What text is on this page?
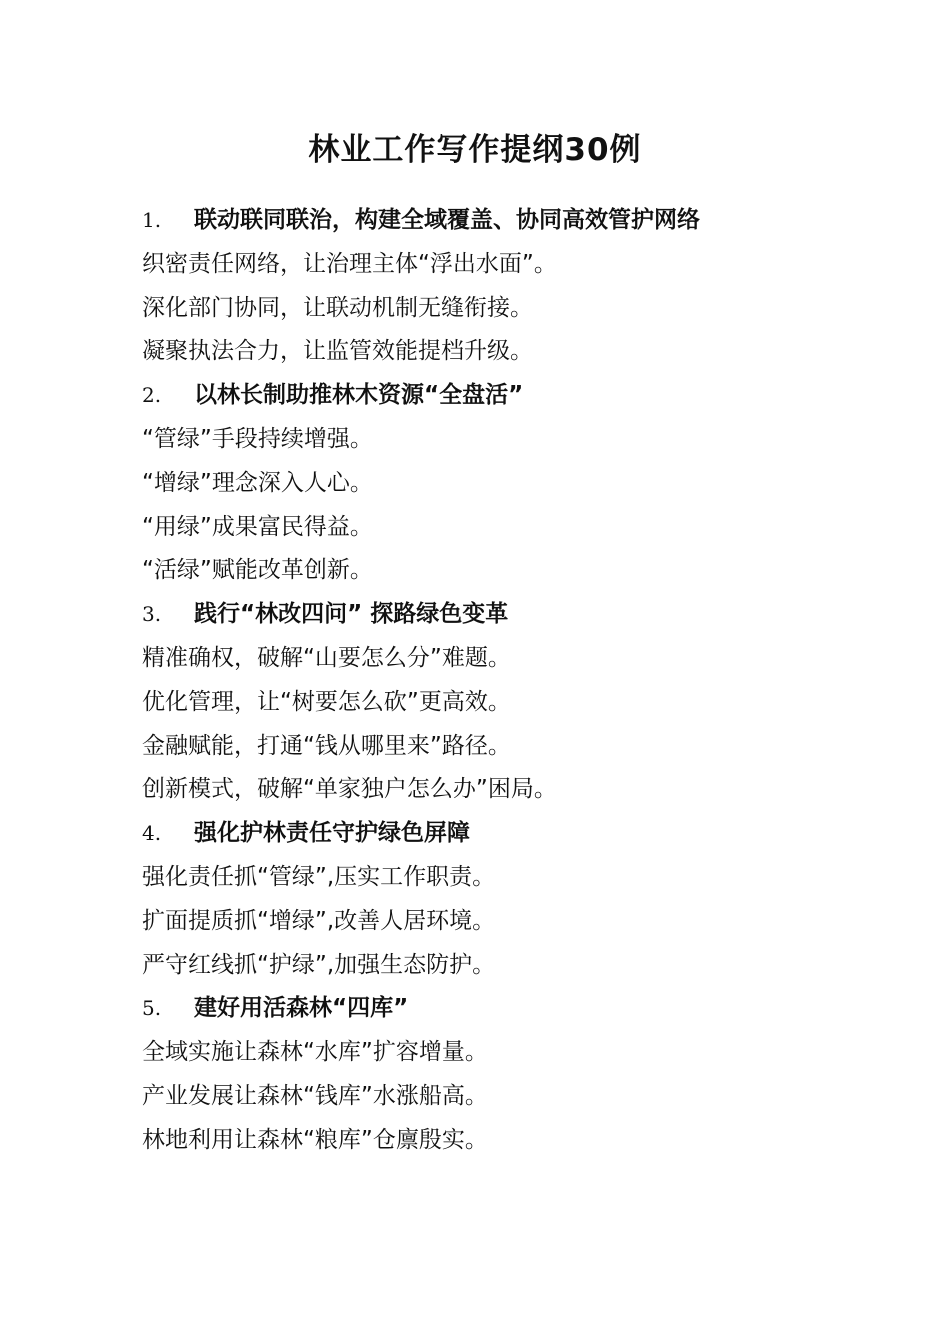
林业工作写作提纲30例
1.	联动联同联治，构建全域覆盖、协同高效管护网络
织密责任网络，让治理主体“浮出水面”。
深化部门协同，让联动机制无缝衔接。
凝聚执法合力，让监管效能提档升级。
2.	以林长制助推林木资源“全盘活”
“管绿”手段持续增强。
“增绿”理念深入人心。
“用绿”成果富民得益。
“活绿”赋能改革创新。
3.	践行“林改四问” 探路绿色变革
精准确权，破解“山要怎么分”难题。
优化管理，让“树要怎么砍”更高效。
金融赋能，打通“钱从哪里来”路径。
创新模式，破解“单家独户怎么办”困局。
4.	强化护林责任守护绿色屏障
强化责任抓“管绿”,压实工作职责。
扩面提质抓“增绿”,改善人居环境。
严守红线抓“护绿”,加强生态防护。
5.	建好用活森林“四库”
全域实施让森林“水库”扩容增量。
产业发展让森林“钱库”水涨船高。
林地利用让森林“粮库”仓廪殷实。
